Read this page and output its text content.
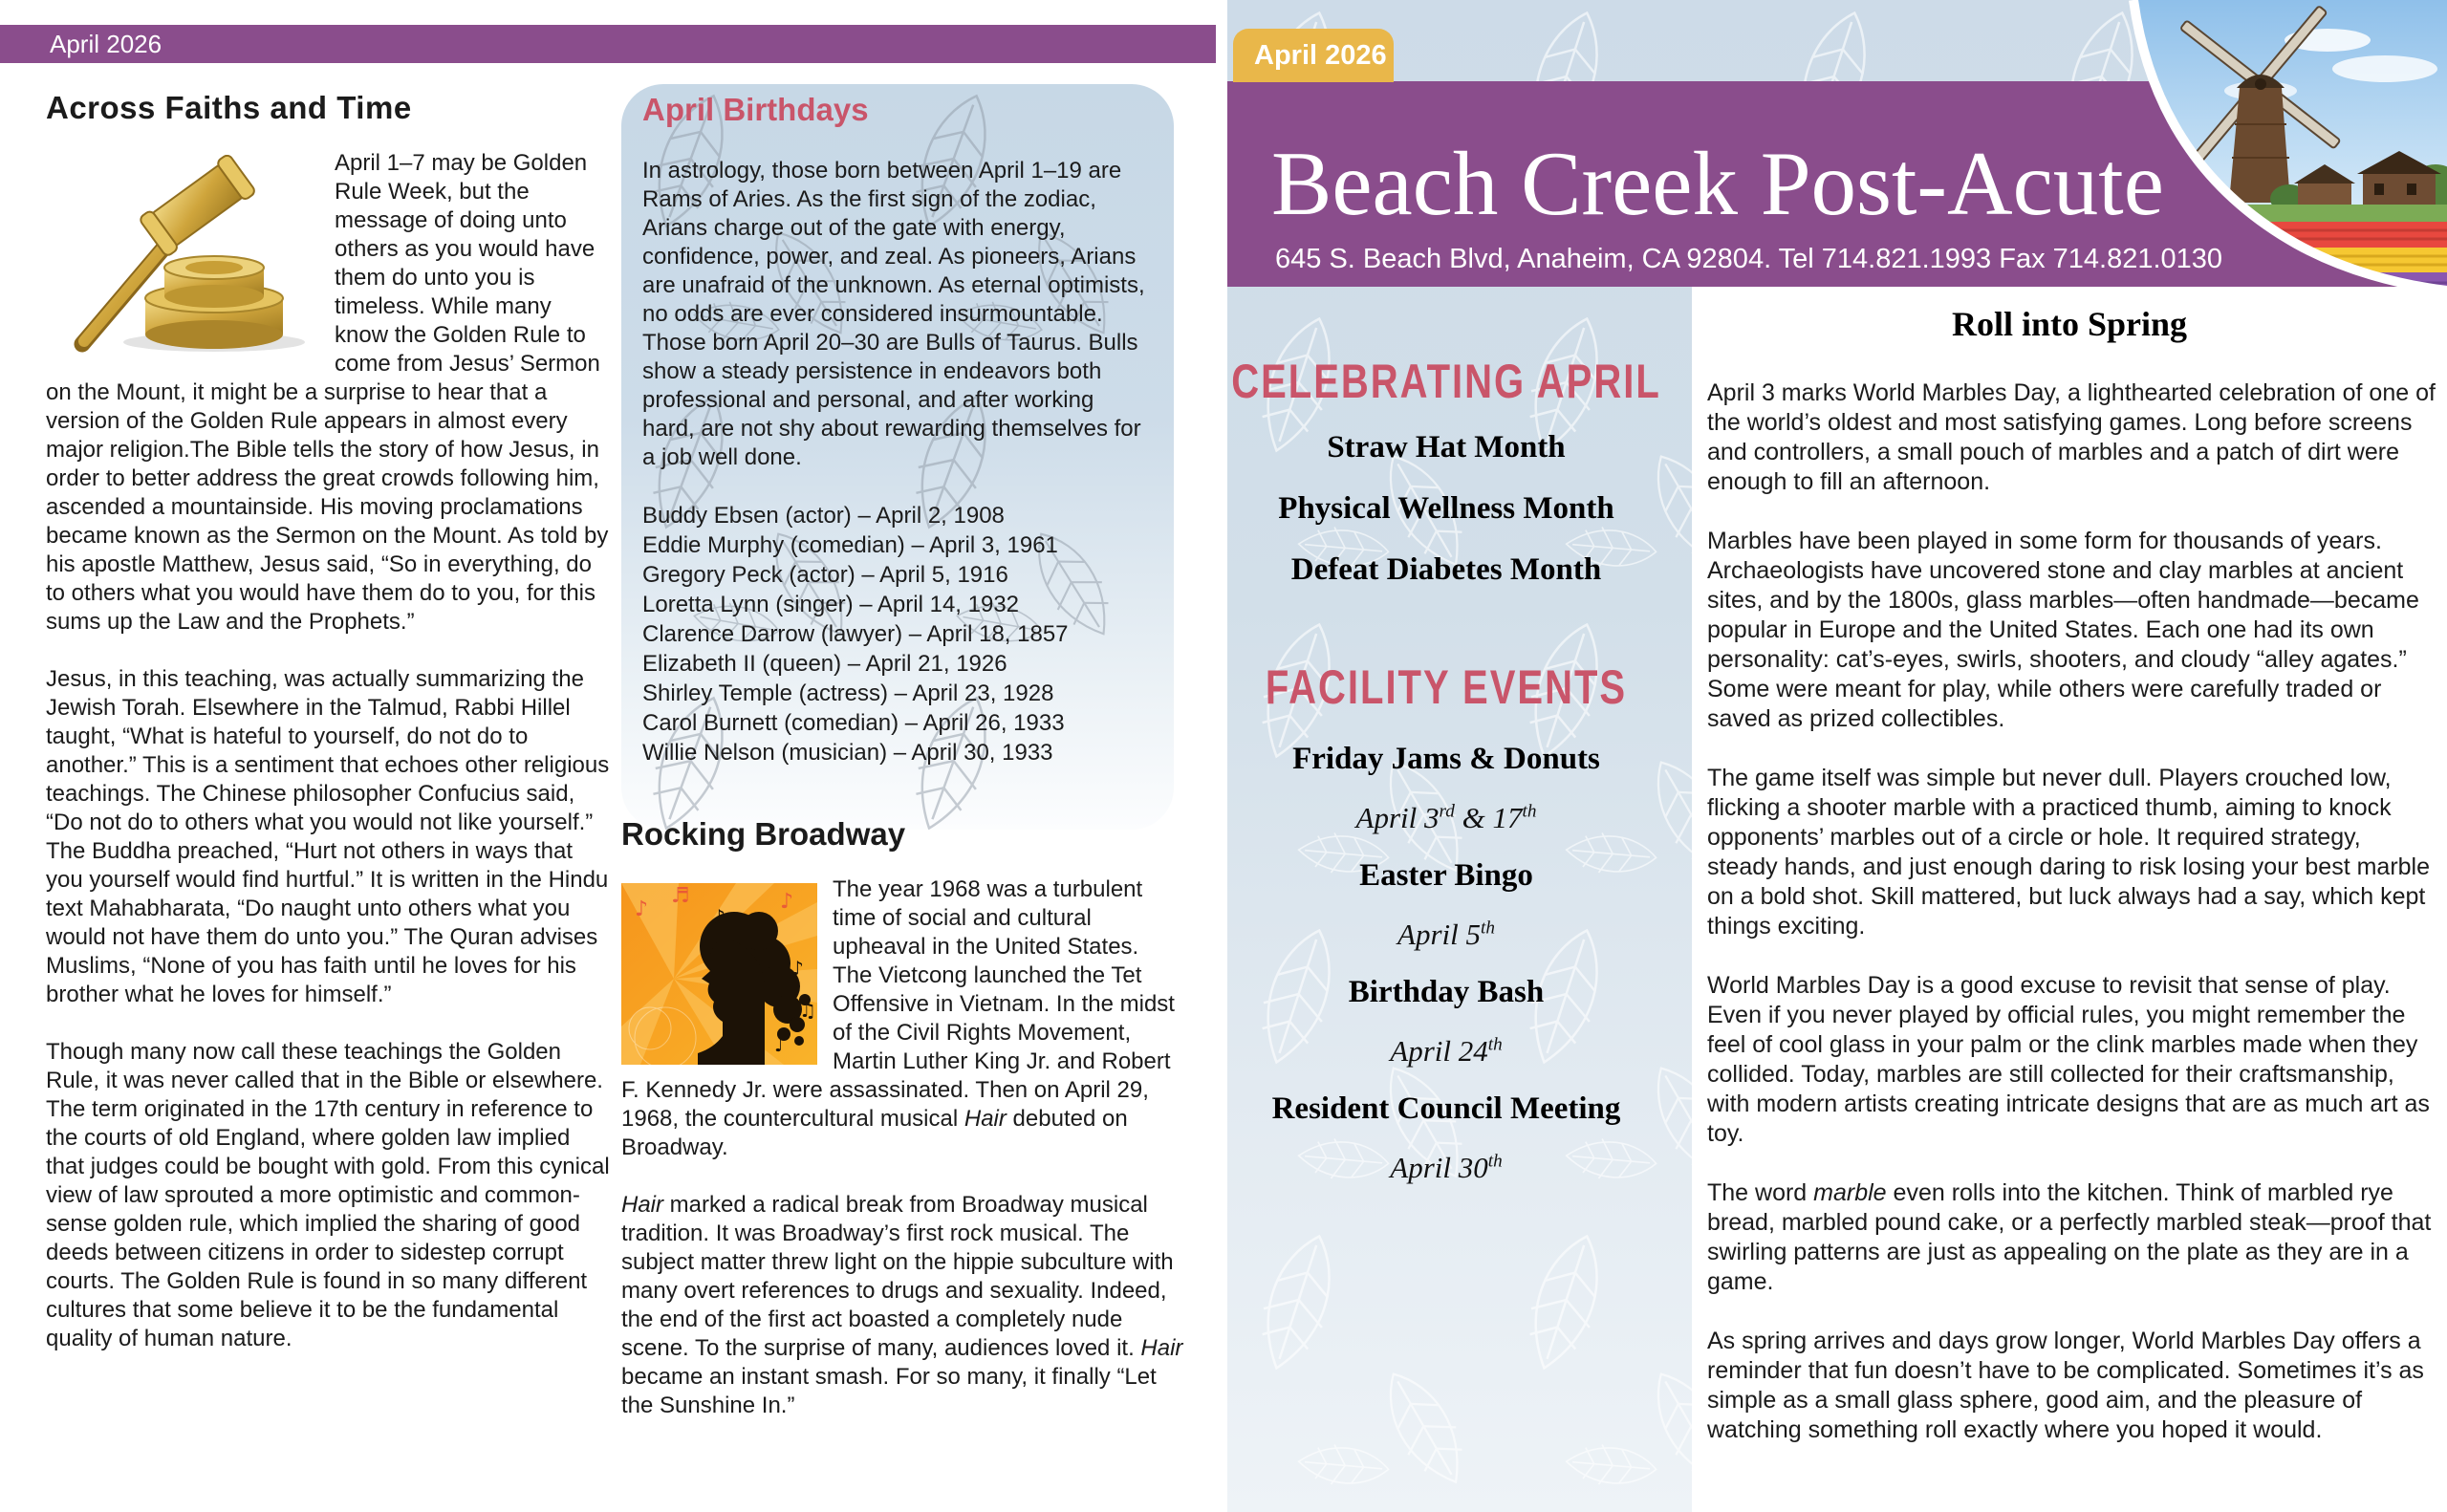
April 2026
Across Faiths and Time

April 1–7 may be Golden Rule Week, but the message of doing unto others as you would have them do unto you is timeless. While many know the Golden Rule to come from Jesus’ Sermon on the Mount, it might be a surprise to hear that a version of the Golden Rule appears in almost every major religion.The Bible tells the story of how Jesus, in order to better address the great crowds following him, ascended a mountainside. His moving proclamations became known as the Sermon on the Mount. As told by his apostle Matthew, Jesus said, “So in everything, do to others what you would have them do to you, for this sums up the Law and the Prophets.”

Jesus, in this teaching, was actually summarizing the Jewish Torah. Elsewhere in the Talmud, Rabbi Hillel taught, “What is hateful to yourself, do not do to another.” This is a sentiment that echoes other religious teachings. The Chinese philosopher Confucius said, “Do not do to others what you would not like yourself.” The Buddha preached, “Hurt not others in ways that you yourself would find hurtful.” It is written in the Hindu text Mahabharata, “Do naught unto others what you would not have them do unto you.” The Quran advises Muslims, “None of you has faith until he loves for his brother what he loves for himself.”

Though many now call these teachings the Golden Rule, it was never called that in the Bible or elsewhere. The term originated in the 17th century in reference to the courts of old England, where golden law implied that judges could be bought with gold. From this cynical view of law sprouted a more optimistic and common-sense golden rule, which implied the sharing of good deeds between citizens in order to sidestep corrupt courts. The Golden Rule is found in so many different cultures that some believe it to be the fundamental quality of human nature.

April Birthdays
In astrology, those born between April 1–19 are Rams of Aries. As the first sign of the zodiac, Arians charge out of the gate with energy, confidence, power, and zeal. As pioneers, Arians are unafraid of the unknown. As eternal optimists, no odds are ever considered insurmountable. Those born April 20–30 are Bulls of Taurus. Bulls show a steady persistence in endeavors both professional and personal, and after working hard, are not shy about rewarding themselves for a job well done.
Buddy Ebsen (actor) – April 2, 1908
Eddie Murphy (comedian) – April 3, 1961
Gregory Peck (actor) – April 5, 1916
Loretta Lynn (singer) – April 14, 1932
Clarence Darrow (lawyer) – April 18, 1857
Elizabeth II (queen) – April 21, 1926
Shirley Temple (actress) – April 23, 1928
Carol Burnett (comedian) – April 26, 1933
Willie Nelson (musician) – April 30, 1933
Rocking Broadway
♪
♬	♪
♪
♫
♩
♪

The year 1968 was a turbulent time of social and cultural upheaval in the United States. The Vietcong launched the Tet Offensive in Vietnam. In the midst of the Civil Rights Movement, Martin Luther King Jr. and Robert F. Kennedy Jr. were assassinated. Then on April 29, 1968, the countercultural musical Hair debuted on Broadway.

Hair marked a radical break from Broadway musical tradition. It was Broadway’s first rock musical. The subject matter threw light on the hippie subculture with many overt references to drugs and sexuality. Indeed, the end of the first act boasted a completely nude scene. To the surprise of many, audiences loved it. Hair became an instant smash. For so many, it finally “Let the Sunshine In.”

Beach Creek Post-Acute
645 S. Beach Blvd, Anaheim, CA 92804. Tel 714.821.1993 Fax 714.821.0130
April 2026
Roll into Spring

April 3 marks World Marbles Day, a lighthearted celebration of one of the world’s oldest and most satisfying games. Long before screens and controllers, a small pouch of marbles and a patch of dirt were enough to fill an afternoon.

Marbles have been played in some form for thousands of years. Archaeologists have uncovered stone and clay marbles at ancient sites, and by the 1800s, glass marbles—often handmade—became popular in Europe and the United States. Each one had its own personality: cat’s-eyes, swirls, shooters, and cloudy “alley agates.” Some were meant for play, while others were carefully traded or saved as prized collectibles.

The game itself was simple but never dull. Players crouched low, flicking a shooter marble with a practiced thumb, aiming to knock opponents’ marbles out of a circle or hole. It required strategy, steady hands, and just enough daring to risk losing your best marble on a bold shot. Skill mattered, but luck always had a say, which kept things exciting.

World Marbles Day is a good excuse to revisit that sense of play. Even if you never played by official rules, you might remember the feel of cool glass in your palm or the clink marbles made when they collided. Today, marbles are still collected for their craftsmanship, with modern artists creating intricate designs that are as much art as toy.

The word marble even rolls into the kitchen. Think of marbled rye bread, marbled pound cake, or a perfectly marbled steak—proof that swirling patterns are just as appealing on the plate as they are in a game.

As spring arrives and days grow longer, World Marbles Day offers a reminder that fun doesn’t have to be complicated. Sometimes it’s as simple as a small glass sphere, good aim, and the pleasure of watching something roll exactly where you hoped it would.

CELEBRATING APRIL
Straw Hat Month
Physical Wellness Month
Defeat Diabetes Month
FACILITY EVENTS
Friday Jams & Donuts
April 3rd & 17th
Easter Bingo
April 5th
Birthday Bash
April 24th
Resident Council Meeting
April 30th
